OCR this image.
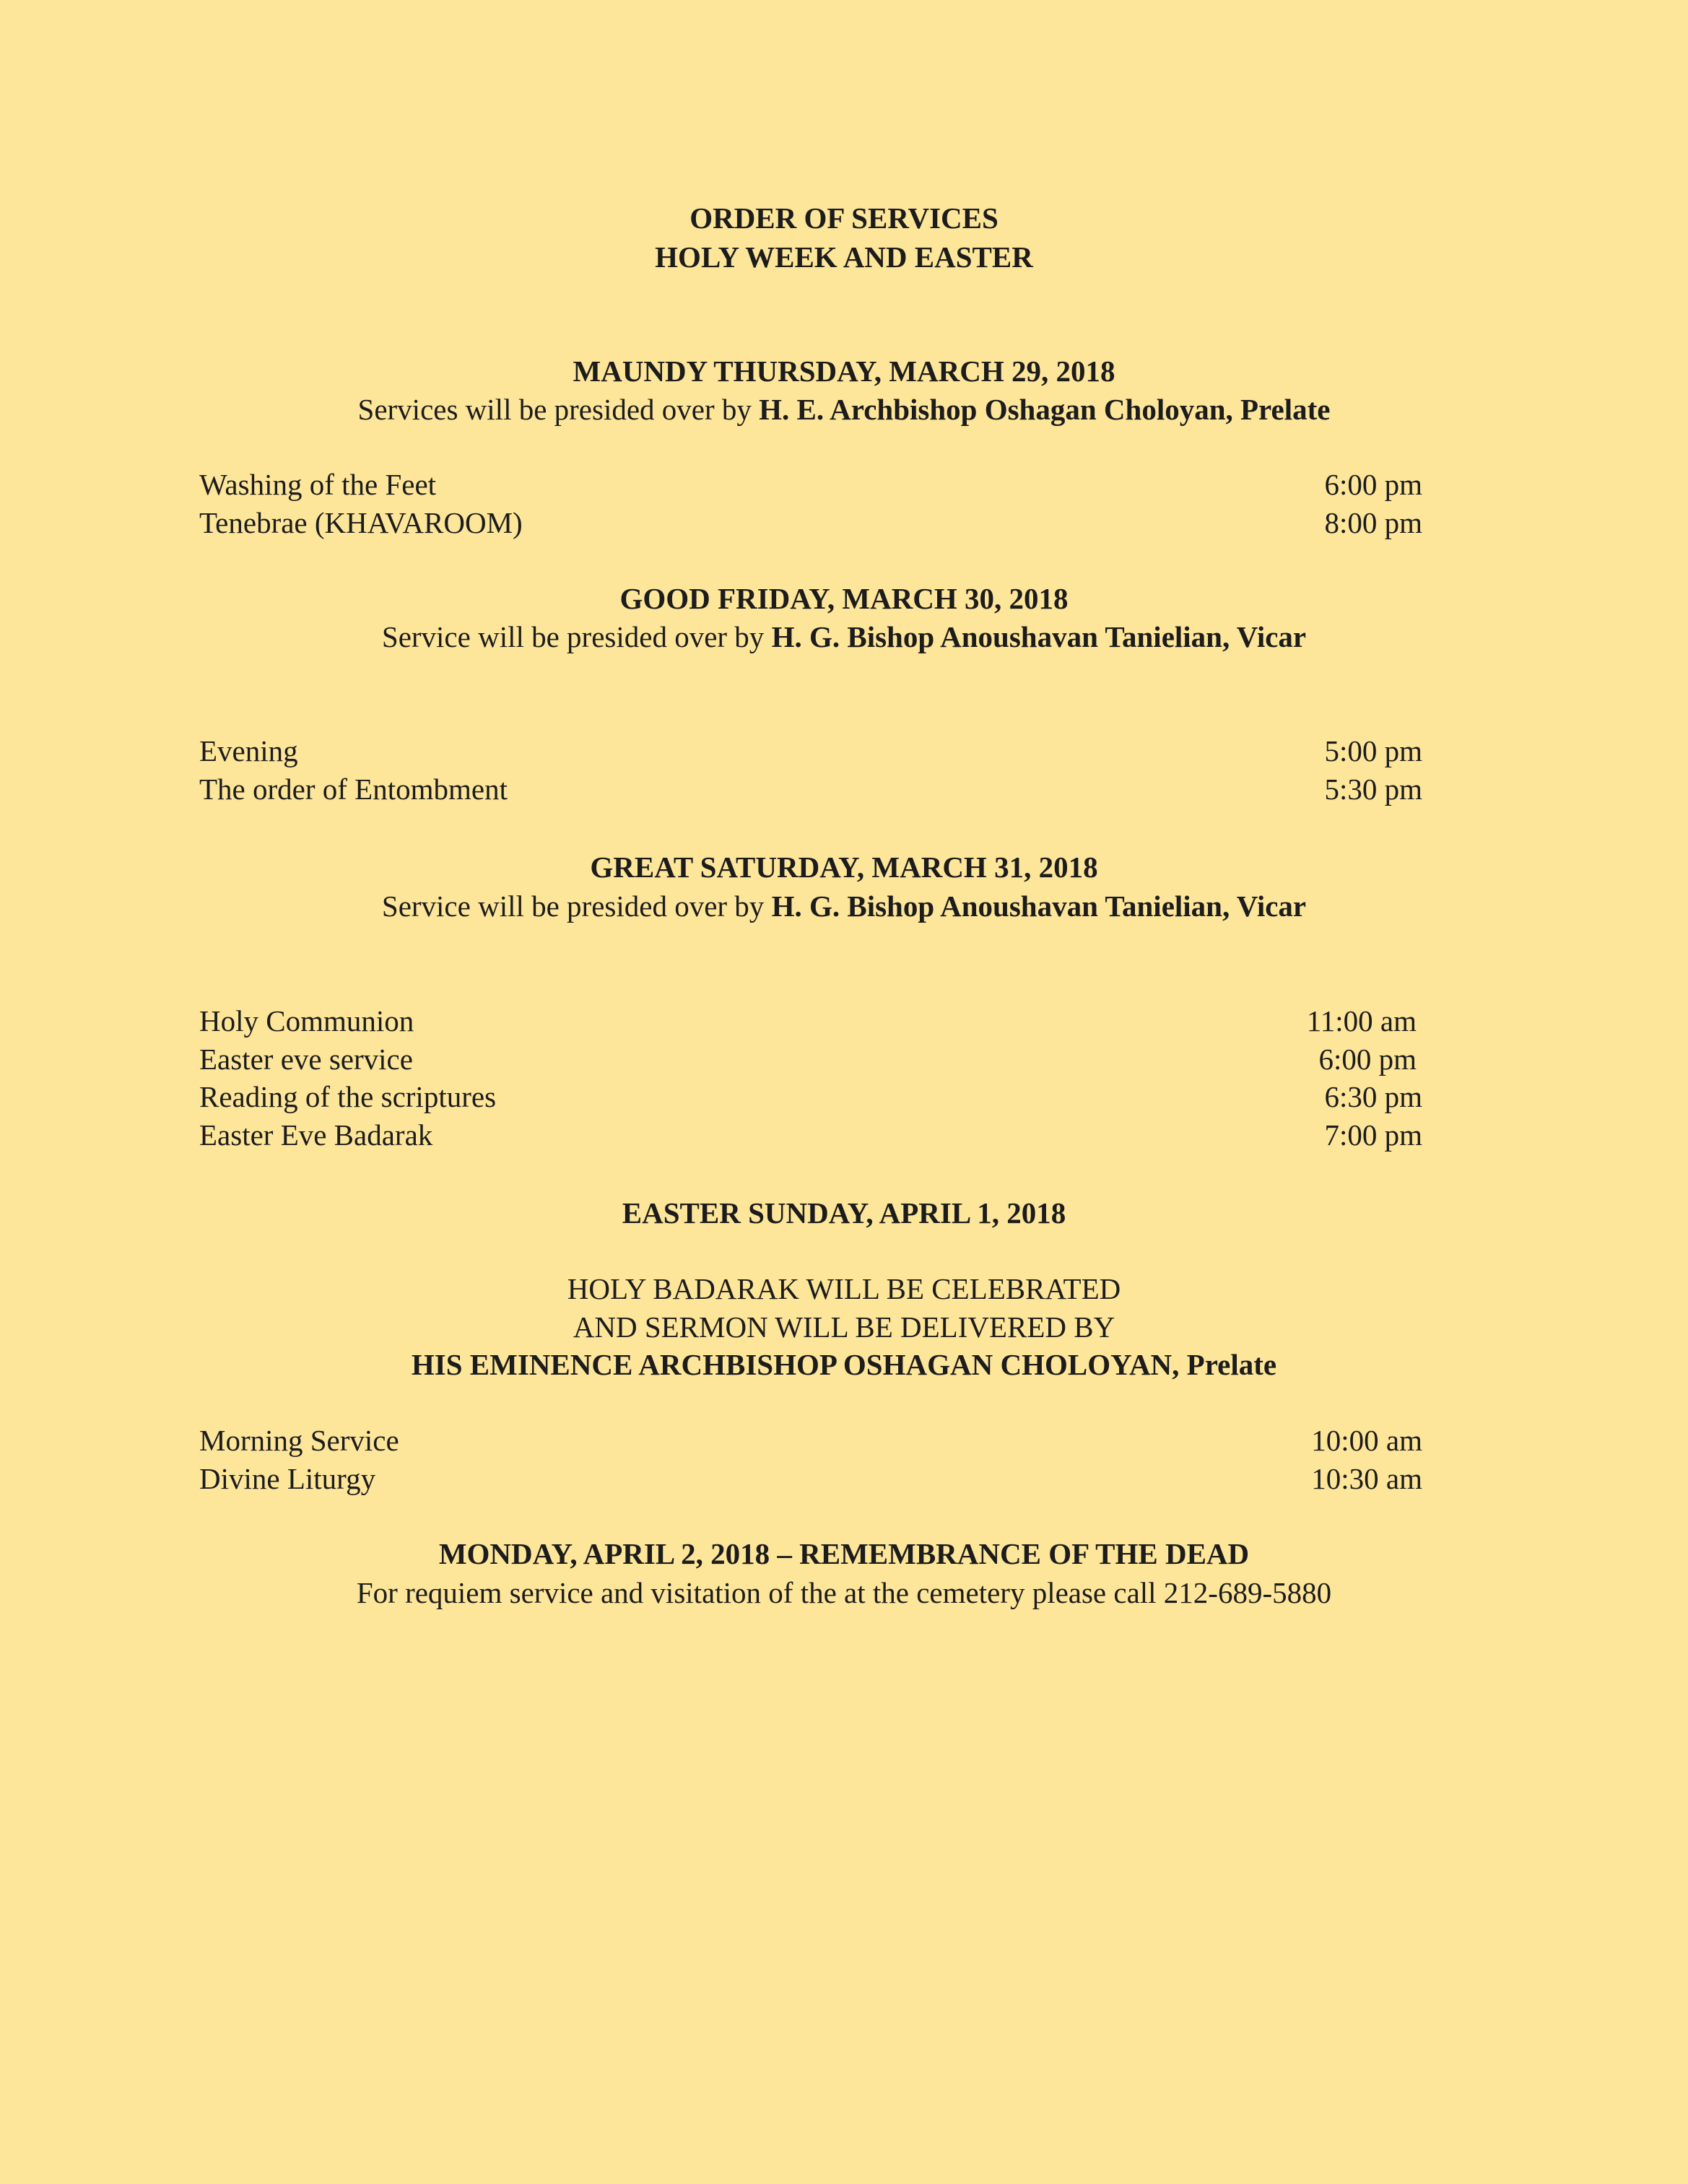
ORDER OF SERVICES
HOLY WEEK AND EASTER
MAUNDY THURSDAY, MARCH 29, 2018
Services will be presided over by H. E. Archbishop Oshagan Choloyan, Prelate
Washing of the Feet	6:00 pm
Tenebrae (KHAVAROOM)	8:00 pm
GOOD FRIDAY, MARCH 30, 2018
Service will be presided over by H. G. Bishop Anoushavan Tanielian, Vicar
Evening	5:00 pm
The order of Entombment	5:30 pm
GREAT SATURDAY, MARCH 31, 2018
Service will be presided over by H. G. Bishop Anoushavan Tanielian, Vicar
Holy Communion	11:00 am
Easter eve service	6:00 pm
Reading of the scriptures	6:30 pm
Easter Eve Badarak	7:00 pm
EASTER SUNDAY, APRIL 1, 2018
HOLY BADARAK WILL BE CELEBRATED
AND SERMON WILL BE DELIVERED BY
HIS EMINENCE ARCHBISHOP OSHAGAN CHOLOYAN, Prelate
Morning Service	10:00 am
Divine Liturgy	10:30 am
MONDAY, APRIL 2, 2018 – REMEMBRANCE OF THE DEAD
For requiem service and visitation of the at the cemetery please call 212-689-5880
